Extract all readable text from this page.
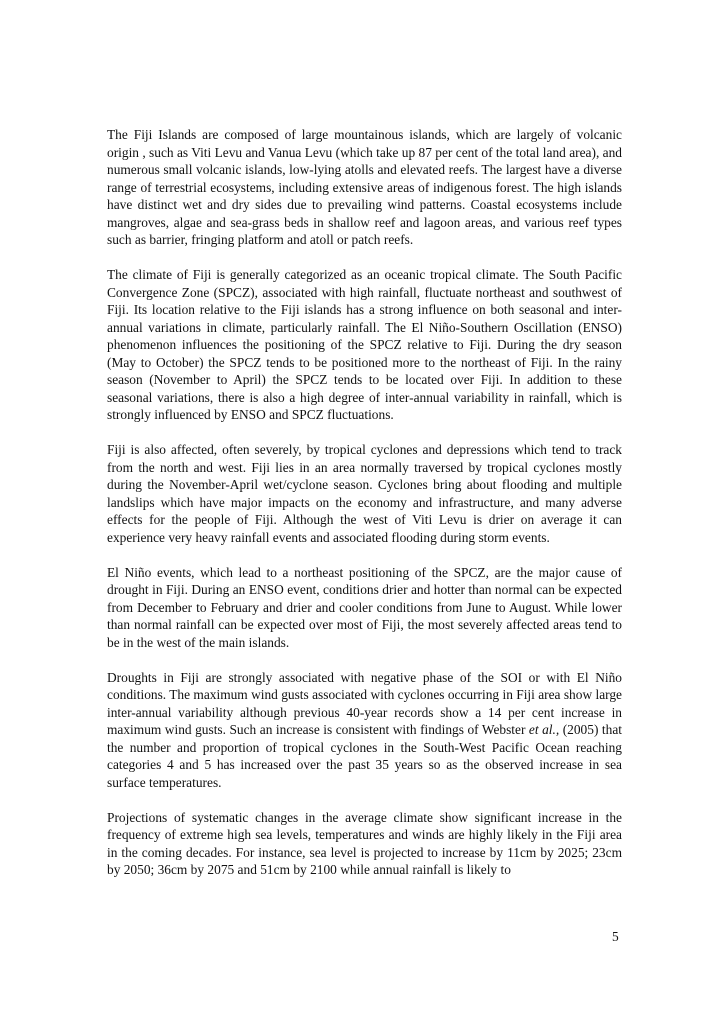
The Fiji Islands are composed of large mountainous islands, which are largely of volcanic origin , such as Viti Levu and Vanua Levu (which take up 87 per cent of the total land area), and numerous small volcanic islands, low-lying atolls and elevated reefs. The largest have a diverse range of terrestrial ecosystems, including extensive areas of indigenous forest. The high islands have distinct wet and dry sides due to prevailing wind patterns. Coastal ecosystems include mangroves, algae and sea-grass beds in shallow reef and lagoon areas, and various reef types such as barrier, fringing platform and atoll or patch reefs.

The climate of Fiji is generally categorized as an oceanic tropical climate. The South Pacific Convergence Zone (SPCZ), associated with high rainfall, fluctuate northeast and southwest of Fiji. Its location relative to the Fiji islands has a strong influence on both seasonal and inter-annual variations in climate, particularly rainfall. The El Niño-Southern Oscillation (ENSO) phenomenon influences the positioning of the SPCZ relative to Fiji. During the dry season (May to October) the SPCZ tends to be positioned more to the northeast of Fiji. In the rainy season (November to April) the SPCZ tends to be located over Fiji. In addition to these seasonal variations, there is also a high degree of inter-annual variability in rainfall, which is strongly influenced by ENSO and SPCZ fluctuations.

Fiji is also affected, often severely, by tropical cyclones and depressions which tend to track from the north and west. Fiji lies in an area normally traversed by tropical cyclones mostly during the November-April wet/cyclone season. Cyclones bring about flooding and multiple landslips which have major impacts on the economy and infrastructure, and many adverse effects for the people of Fiji. Although the west of Viti Levu is drier on average it can experience very heavy rainfall events and associated flooding during storm events.

El Niño events, which lead to a northeast positioning of the SPCZ, are the major cause of drought in Fiji. During an ENSO event, conditions drier and hotter than normal can be expected from December to February and drier and cooler conditions from June to August. While lower than normal rainfall can be expected over most of Fiji, the most severely affected areas tend to be in the west of the main islands.

Droughts in Fiji are strongly associated with negative phase of the SOI or with El Niño conditions. The maximum wind gusts associated with cyclones occurring in Fiji area show large inter-annual variability although previous 40-year records show a 14 per cent increase in maximum wind gusts. Such an increase is consistent with findings of Webster et al., (2005) that the number and proportion of tropical cyclones in the South-West Pacific Ocean reaching categories 4 and 5 has increased over the past 35 years so as the observed increase in sea surface temperatures.

Projections of systematic changes in the average climate show significant increase in the frequency of extreme high sea levels, temperatures and winds are highly likely in the Fiji area in the coming decades. For instance, sea level is projected to increase by 11cm by 2025; 23cm by 2050; 36cm by 2075 and 51cm by 2100 while annual rainfall is likely to

5
